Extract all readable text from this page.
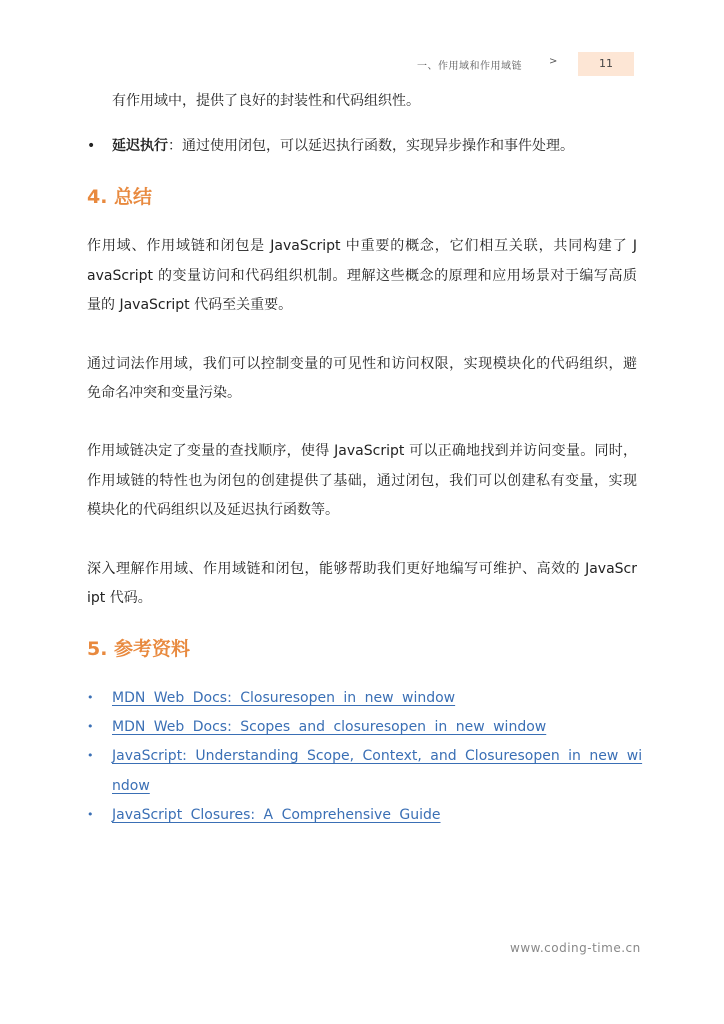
一、作用域和作用域链	>	11
有作用域中，提供了良好的封装性和代码组织性。
• 延迟执行：通过使用闭包，可以延迟执行函数，实现异步操作和事件处理。
4. 总结
作用域、作用域链和闭包是 JavaScript 中重要的概念，它们相互关联，共同构建了 J
avaScript 的变量访问和代码组织机制。理解这些概念的原理和应用场景对于编写高质
量的 JavaScript 代码至关重要。
通过词法作用域，我们可以控制变量的可见性和访问权限，实现模块化的代码组织，避
免命名冲突和变量污染。
作用域链决定了变量的查找顺序，使得 JavaScript 可以正确地找到并访问变量。同时，
作用域链的特性也为闭包的创建提供了基础，通过闭包，我们可以创建私有变量，实现
模块化的代码组织以及延迟执行函数等。
深入理解作用域、作用域链和闭包，能够帮助我们更好地编写可维护、高效的 JavaScr
ipt 代码。
5. 参考资料
• MDN Web Docs: Closuresopen in new window
• MDN Web Docs: Scopes and closuresopen in new window
• JavaScript: Understanding Scope, Context, and Closuresopen in new wi
ndow
• JavaScript Closures: A Comprehensive Guide
www.coding-time.cn
